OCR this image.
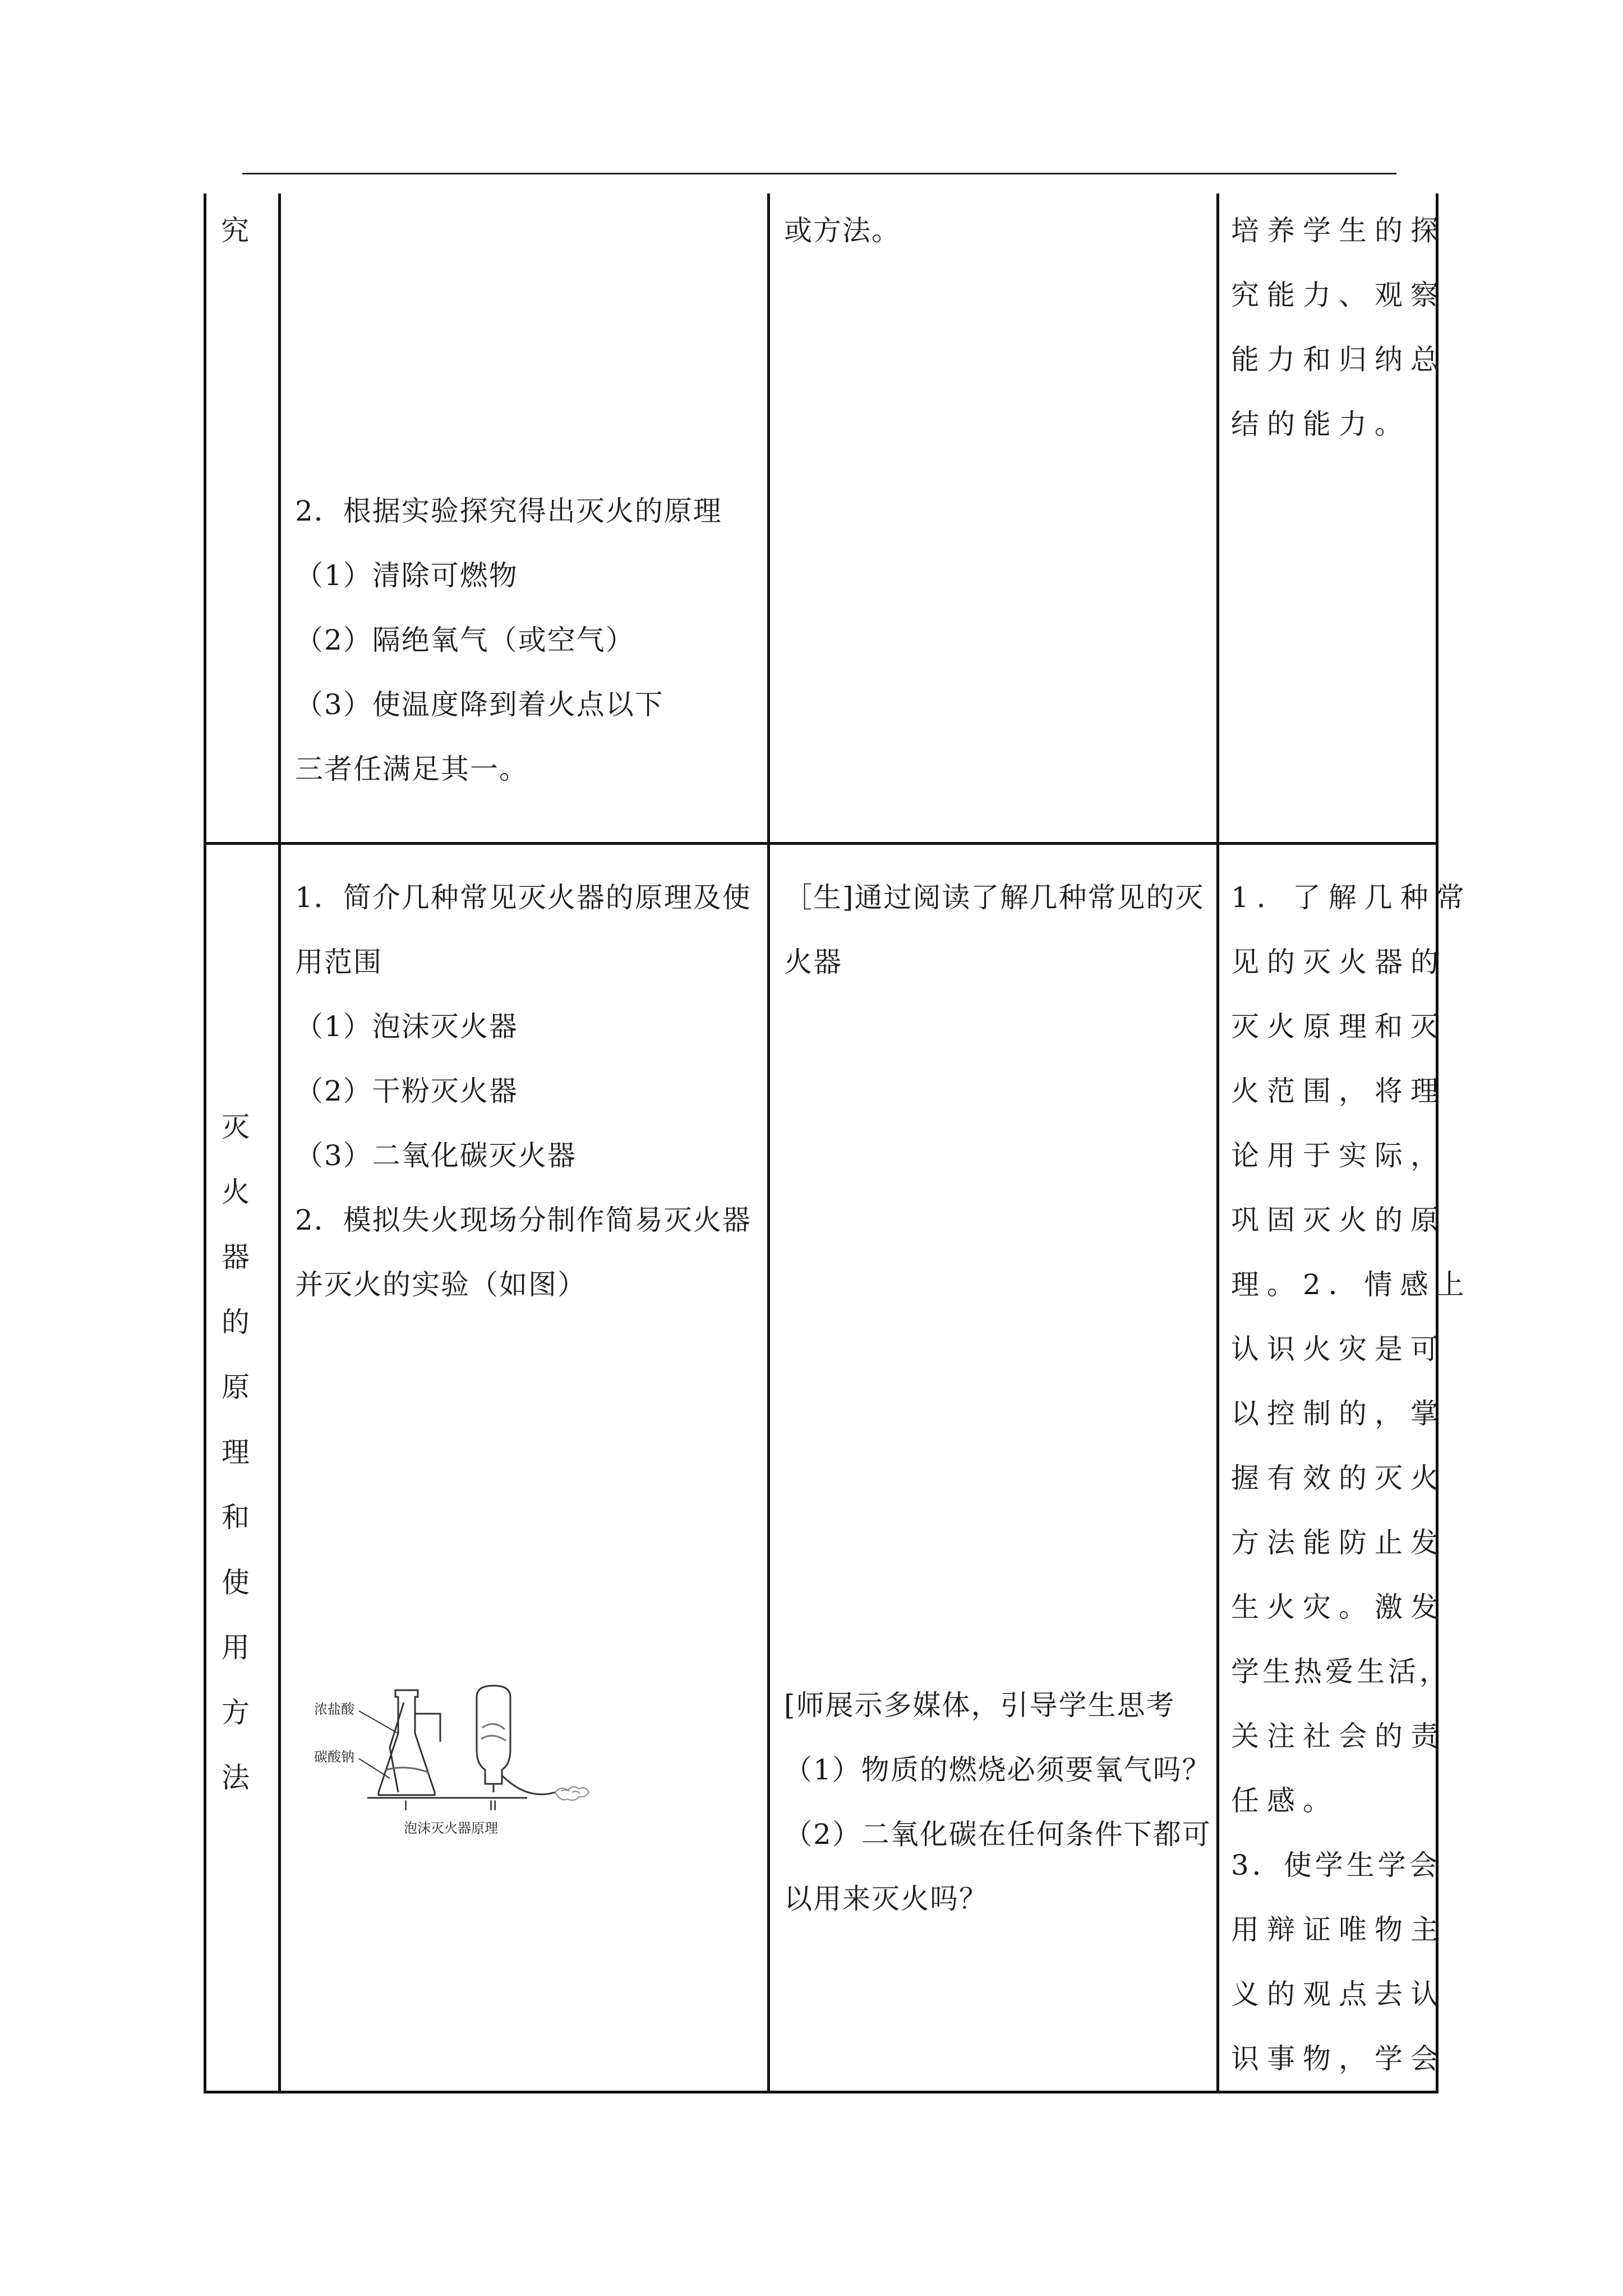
究
2．根据实验探究得出灭火的原理
（1）清除可燃物
（2）隔绝氧气（或空气）
（3）使温度降到着火点以下
三者任满足其一。
或方法。	培养学生的探
究能力、观察
能力和归纳总
结的能力。
灭
火
器
的
原
理
和
使
用
方
法
1．简介几种常见灭火器的原理及使
用范围
（1）泡沫灭火器
（2）干粉灭火器
（3）二氧化碳灭火器
2．模拟失火现场分制作简易灭火器
并灭火的实验（如图）
浓盐酸
碳酸钠
I	II
泡沫灭火器原理
［生]通过阅读了解几种常见的灭
火器
[师展示多媒体，引导学生思考
（1）物质的燃烧必须要氧气吗？
（2）二氧化碳在任何条件下都可
以用来灭火吗？
1．了解几种常
见的灭火器的
灭火原理和灭
火范围，将理
论用于实际，
巩固灭火的原
理。2．情感上
认识火灾是可
以控制的，掌
握有效的灭火
方法能防止发
生火灾。激发
学生热爱生活，
关注社会的责
任感。
3．使学生学会
用辩证唯物主
义的观点去认
识事物，学会
